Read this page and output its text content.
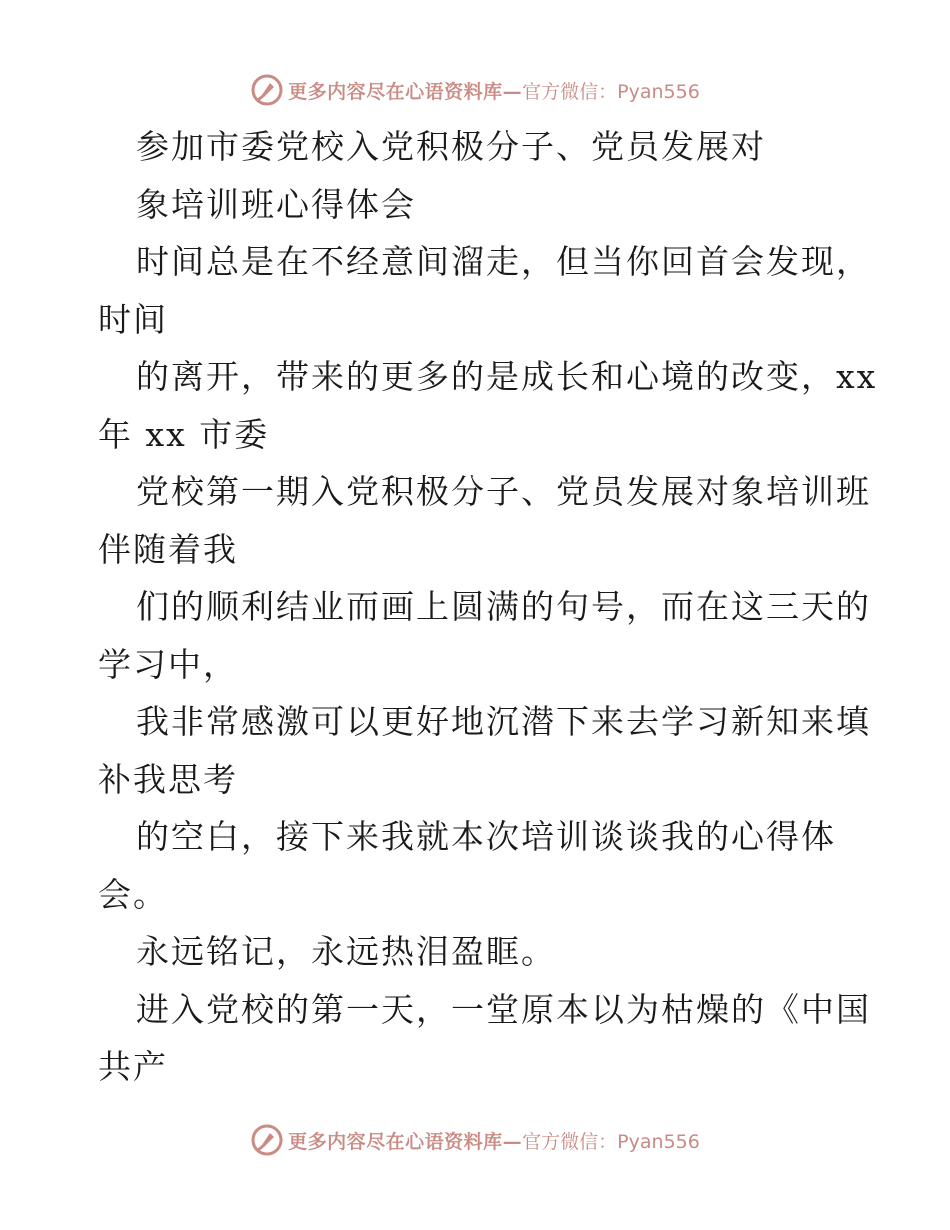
更多内容尽在心语资料库— 官方微信：Pyan556
参加市委党校入党积极分子、党员发展对
象培训班心得体会
时间总是在不经意间溜走，但当你回首会发现，
时间
的离开，带来的更多的是成长和心境的改变，xx
年 xx 市委
党校第一期入党积极分子、党员发展对象培训班
伴随着我
们的顺利结业而画上圆满的句号，而在这三天的
学习中，
我非常感激可以更好地沉潜下来去学习新知来填
补我思考
的空白，接下来我就本次培训谈谈我的心得体
会。
永远铭记，永远热泪盈眶。
进入党校的第一天，一堂原本以为枯燥的《中国
共产
更多内容尽在心语资料库— 官方微信：Pyan556
